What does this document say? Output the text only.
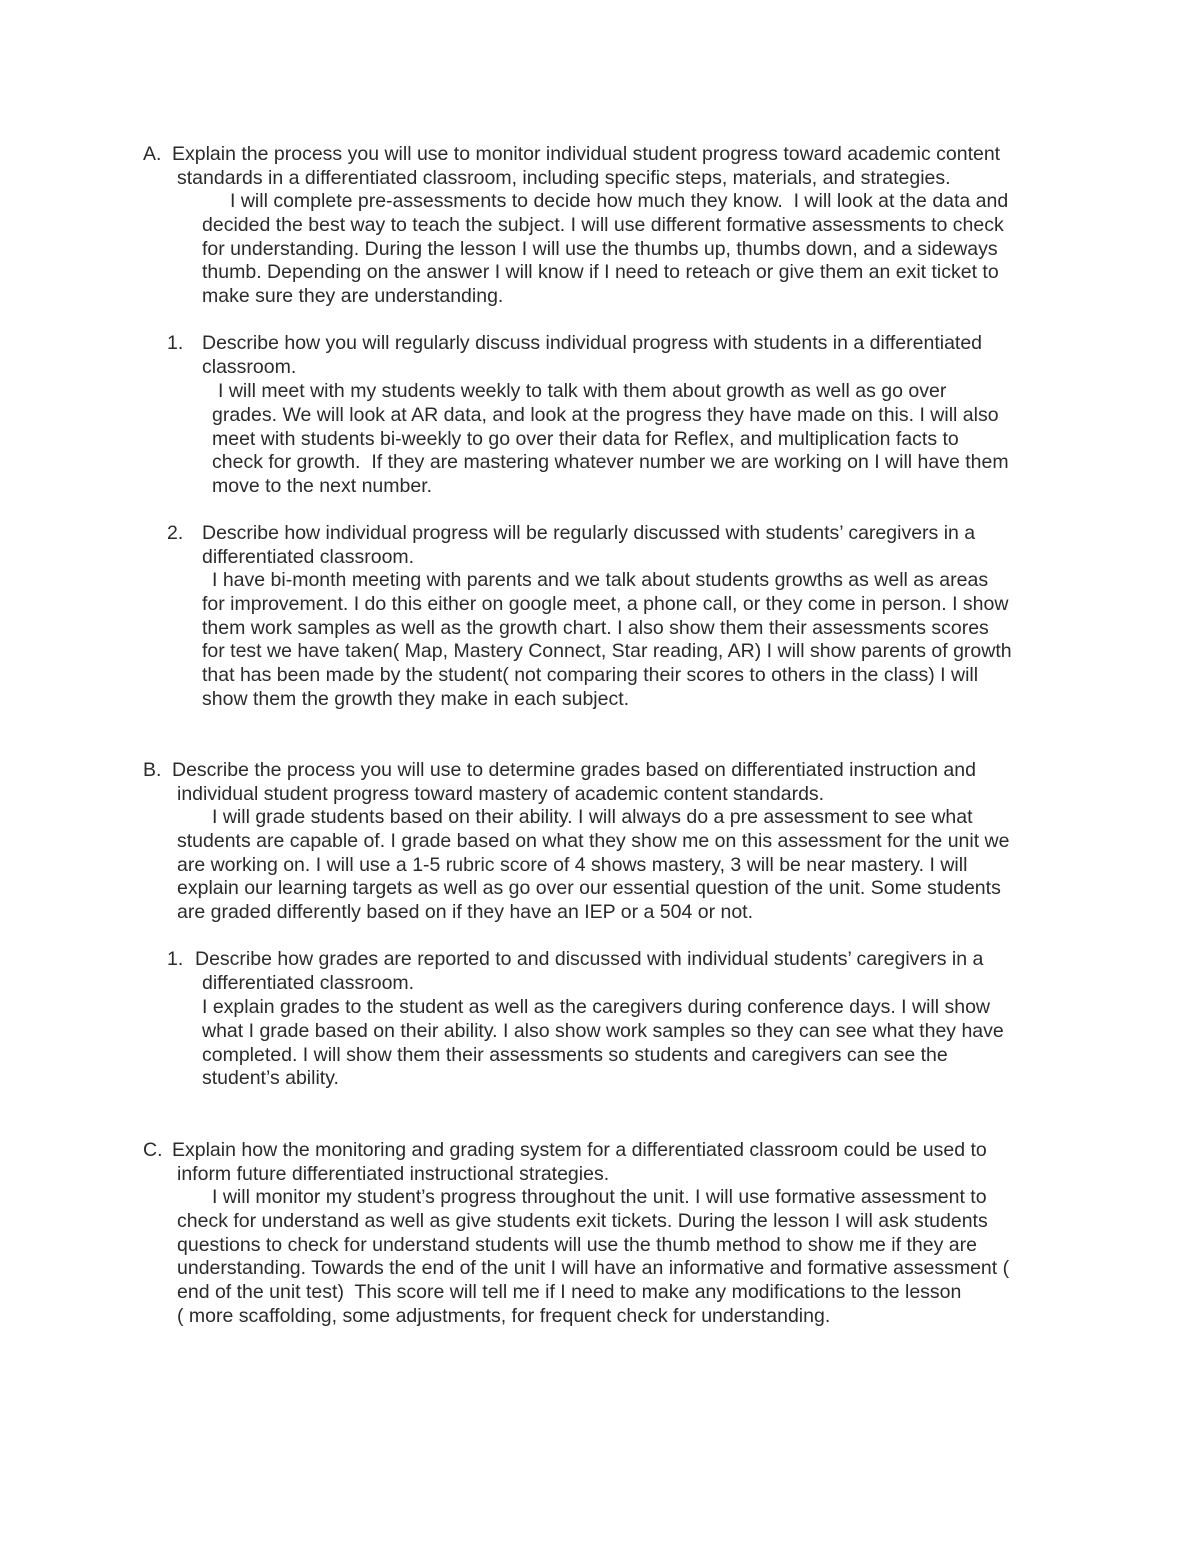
A. Explain the process you will use to monitor individual student progress toward academic content
standards in a differentiated classroom, including specific steps, materials, and strategies.
I will complete pre-assessments to decide how much they know.  I will look at the data and
decided the best way to teach the subject. I will use different formative assessments to check
for understanding. During the lesson I will use the thumbs up, thumbs down, and a sideways
thumb. Depending on the answer I will know if I need to reteach or give them an exit ticket to
make sure they are understanding.
1. Describe how you will regularly discuss individual progress with students in a differentiated
classroom.
I will meet with my students weekly to talk with them about growth as well as go over
grades. We will look at AR data, and look at the progress they have made on this. I will also
meet with students bi-weekly to go over their data for Reflex, and multiplication facts to
check for growth.  If they are mastering whatever number we are working on I will have them
move to the next number.
2. Describe how individual progress will be regularly discussed with students’ caregivers in a
differentiated classroom.
I have bi-month meeting with parents and we talk about students growths as well as areas
for improvement. I do this either on google meet, a phone call, or they come in person. I show
them work samples as well as the growth chart. I also show them their assessments scores
for test we have taken( Map, Mastery Connect, Star reading, AR) I will show parents of growth
that has been made by the student( not comparing their scores to others in the class) I will
show them the growth they make in each subject.
B. Describe the process you will use to determine grades based on differentiated instruction and
individual student progress toward mastery of academic content standards.
I will grade students based on their ability. I will always do a pre assessment to see what
students are capable of. I grade based on what they show me on this assessment for the unit we
are working on. I will use a 1-5 rubric score of 4 shows mastery, 3 will be near mastery. I will
explain our learning targets as well as go over our essential question of the unit. Some students
are graded differently based on if they have an IEP or a 504 or not.
1. Describe how grades are reported to and discussed with individual students’ caregivers in a
differentiated classroom.
I explain grades to the student as well as the caregivers during conference days. I will show
what I grade based on their ability. I also show work samples so they can see what they have
completed. I will show them their assessments so students and caregivers can see the
student’s ability.
C. Explain how the monitoring and grading system for a differentiated classroom could be used to
inform future differentiated instructional strategies.
I will monitor my student’s progress throughout the unit. I will use formative assessment to
check for understand as well as give students exit tickets. During the lesson I will ask students
questions to check for understand students will use the thumb method to show me if they are
understanding. Towards the end of the unit I will have an informative and formative assessment (
end of the unit test)  This score will tell me if I need to make any modifications to the lesson
( more scaffolding, some adjustments, for frequent check for understanding.
